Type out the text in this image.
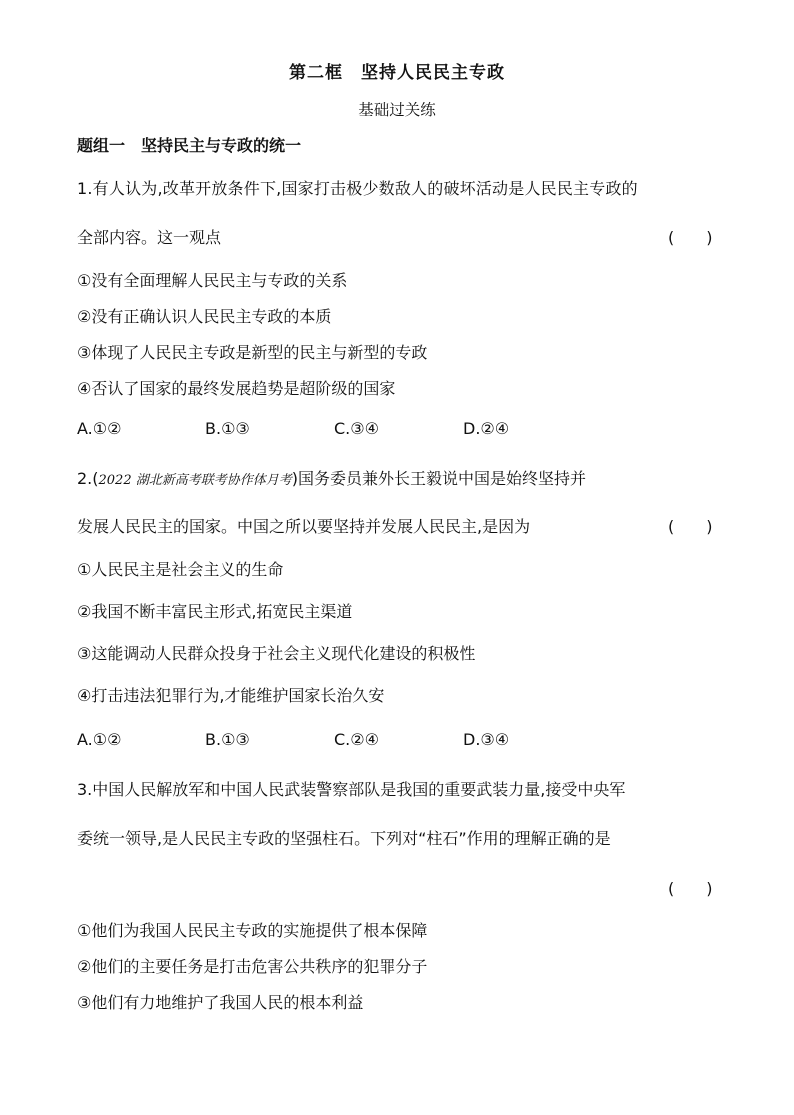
第二框　坚持人民民主专政
基础过关练
题组一　坚持民主与专政的统一
1.有人认为,改革开放条件下,国家打击极少数敌人的破坏活动是人民民主专政的
全部内容。这一观点	(　　)
①没有全面理解人民民主与专政的关系
②没有正确认识人民民主专政的本质
③体现了人民民主专政是新型的民主与新型的专政
④否认了国家的最终发展趋势是超阶级的国家
A.①②	B.①③	C.③④	D.②④
2.(2022 湖北新高考联考协作体月考)国务委员兼外长王毅说中国是始终坚持并
发展人民民主的国家。中国之所以要坚持并发展人民民主,是因为	(　　)
①人民民主是社会主义的生命
②我国不断丰富民主形式,拓宽民主渠道
③这能调动人民群众投身于社会主义现代化建设的积极性
④打击违法犯罪行为,才能维护国家长治久安
A.①②	B.①③	C.②④	D.③④
3.中国人民解放军和中国人民武装警察部队是我国的重要武装力量,接受中央军
委统一领导,是人民民主专政的坚强柱石。下列对“柱石”作用的理解正确的是
(　　)
①他们为我国人民民主专政的实施提供了根本保障
②他们的主要任务是打击危害公共秩序的犯罪分子
③他们有力地维护了我国人民的根本利益
